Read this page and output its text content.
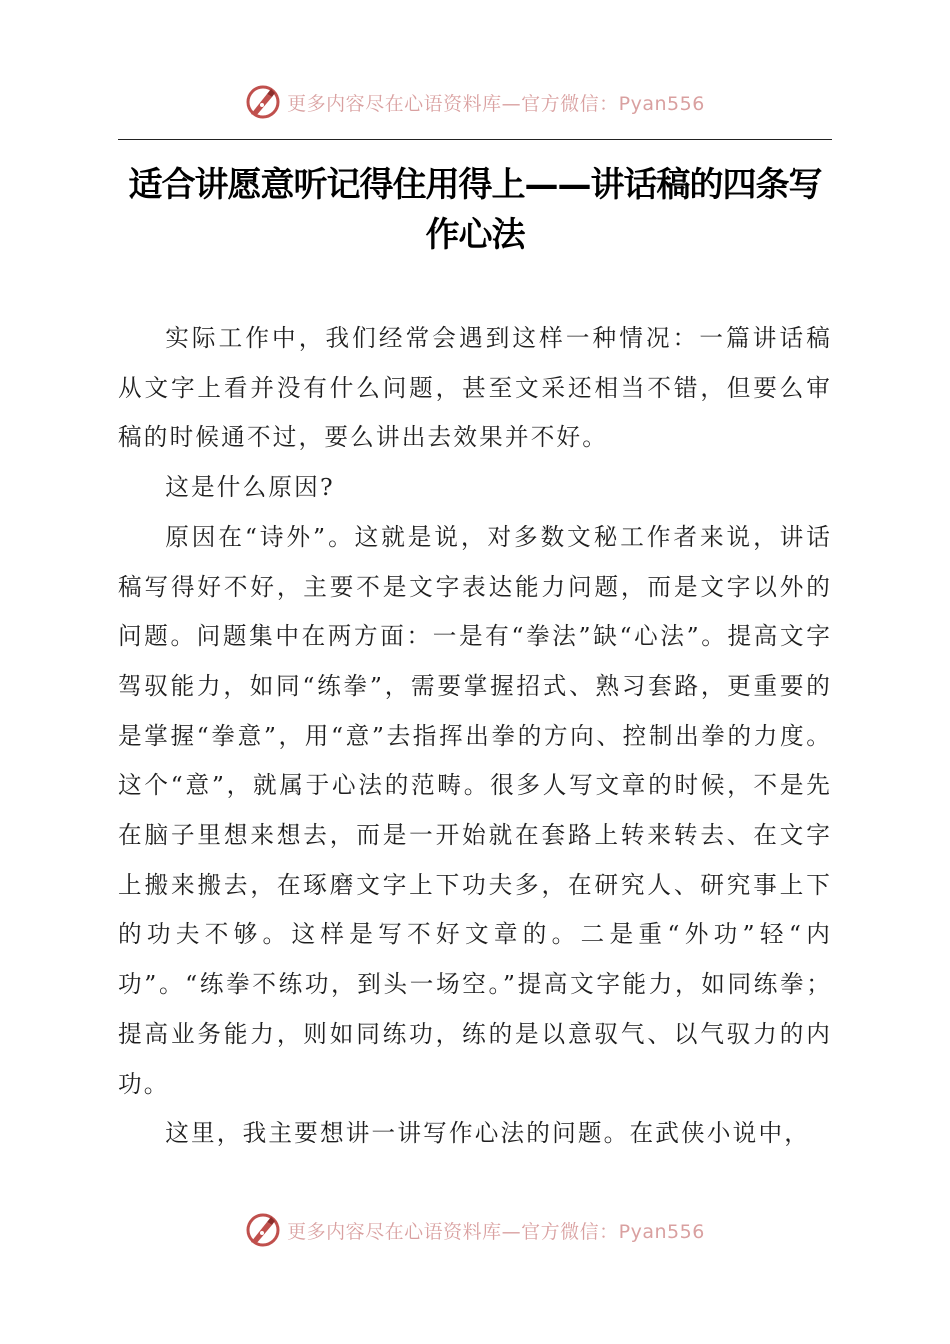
更多内容尽在心语资料库—官方微信：Pyan556
适合讲愿意听记得住用得上——讲话稿的四条写作心法

实际工作中，我们经常会遇到这样一种情况：一篇讲话稿从文字上看并没有什么问题，甚至文采还相当不错，但要么审稿的时候通不过，要么讲出去效果并不好。

这是什么原因?

原因在“诗外”。这就是说，对多数文秘工作者来说，讲话稿写得好不好，主要不是文字表达能力问题，而是文字以外的问题。问题集中在两方面：一是有“拳法”缺“心法”。提高文字驾驭能力，如同“练拳”，需要掌握招式、熟习套路，更重要的是掌握“拳意”，用“意”去指挥出拳的方向、控制出拳的力度。这个“意”，就属于心法的范畴。很多人写文章的时候，不是先在脑子里想来想去，而是一开始就在套路上转来转去、在文字上搬来搬去，在琢磨文字上下功夫多，在研究人、研究事上下的功夫不够。这样是写不好文章的。二是重“外功”轻“内功”。“练拳不练功，到头一场空。”提高文字能力，如同练拳；提高业务能力，则如同练功，练的是以意驭气、以气驭力的内功。

这里，我主要想讲一讲写作心法的问题。在武侠小说中，

更多内容尽在心语资料库—官方微信：Pyan556
